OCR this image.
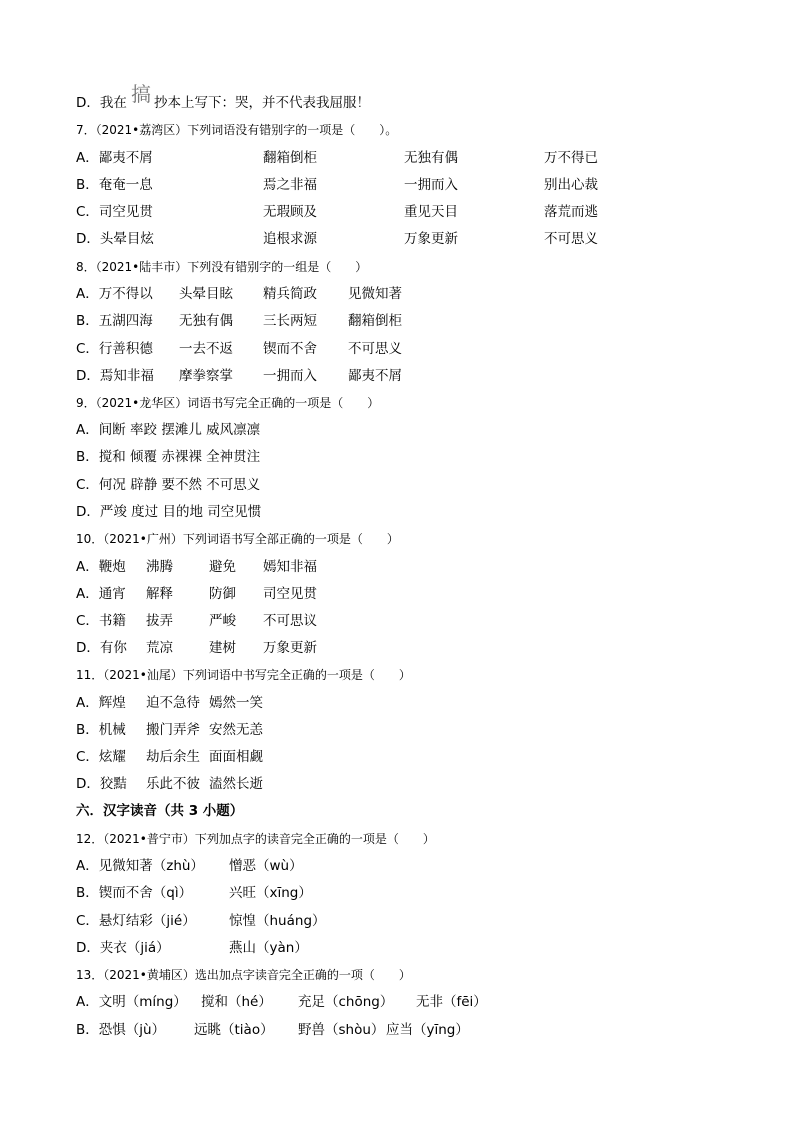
搞
D．我在 抄本上写下：哭，并不代表我屈服！
7．（2021•荔湾区）下列词语没有错别字的一项是（　　）。
A．鄙夷不屑	翻箱倒柜	无独有偶	万不得已
B．奄奄一息	焉之非福	一拥而入	别出心裁
C．司空见贯	无瑕顾及	重见天目	落荒而逃
D．头晕目炫	追根求源	万象更新	不可思义
8．（2021•陆丰市）下列没有错别字的一组是（　　）
A．万不得以 头晕目眩 精兵简政 见微知著
B．五湖四海 无独有偶 三长两短 翻箱倒柜
C．行善积德 一去不返 锲而不舍 不可思义
D．焉知非福 摩拳察掌 一拥而入 鄙夷不屑
9．（2021•龙华区）词语书写完全正确的一项是（　　）
A．间断 率跤 摆滩儿 威风凛凛
B．搅和 倾覆 赤裸裸 全神贯注
C．何况 辟静 要不然 不可思义
D．严竣 度过 目的地 司空见惯
10．（2021•广州）下列词语书写全部正确的一项是（　　）
A．鞭炮 沸腾	避免 嫣知非福
A．通宵 解释	防御 司空见贯
C．书籍 拔弄	严峻 不可思议
D．有你 荒凉	建树 万象更新
11．（2021•汕尾）下列词语中书写完全正确的一项是（　　）
A．辉煌 迫不急待 嫣然一笑
B．机械 搬门弄斧 安然无恙
C．炫耀 劫后余生 面面相觑
D．狡黠 乐此不彼 溘然长逝
六．汉字读音（共 3 小题）
12．（2021•普宁市）下列加点字的读音完全正确的一项是（　　）
A．见微知著（zhù） 憎恶（wù）
B．锲而不舍（qì）	兴旺（xīng）
C．悬灯结彩（jié） 惊惶（huáng）
D．夹衣（jiá）	燕山（yàn）
13．（2021•黄埔区）选出加点字读音完全正确的一项（　　）
A．文明（míng） 搅和（hé） 充足（chōng） 无非（fēi）
B．恐惧（jù） 远眺（tiào） 野兽（shòu） 应当（yīng）
